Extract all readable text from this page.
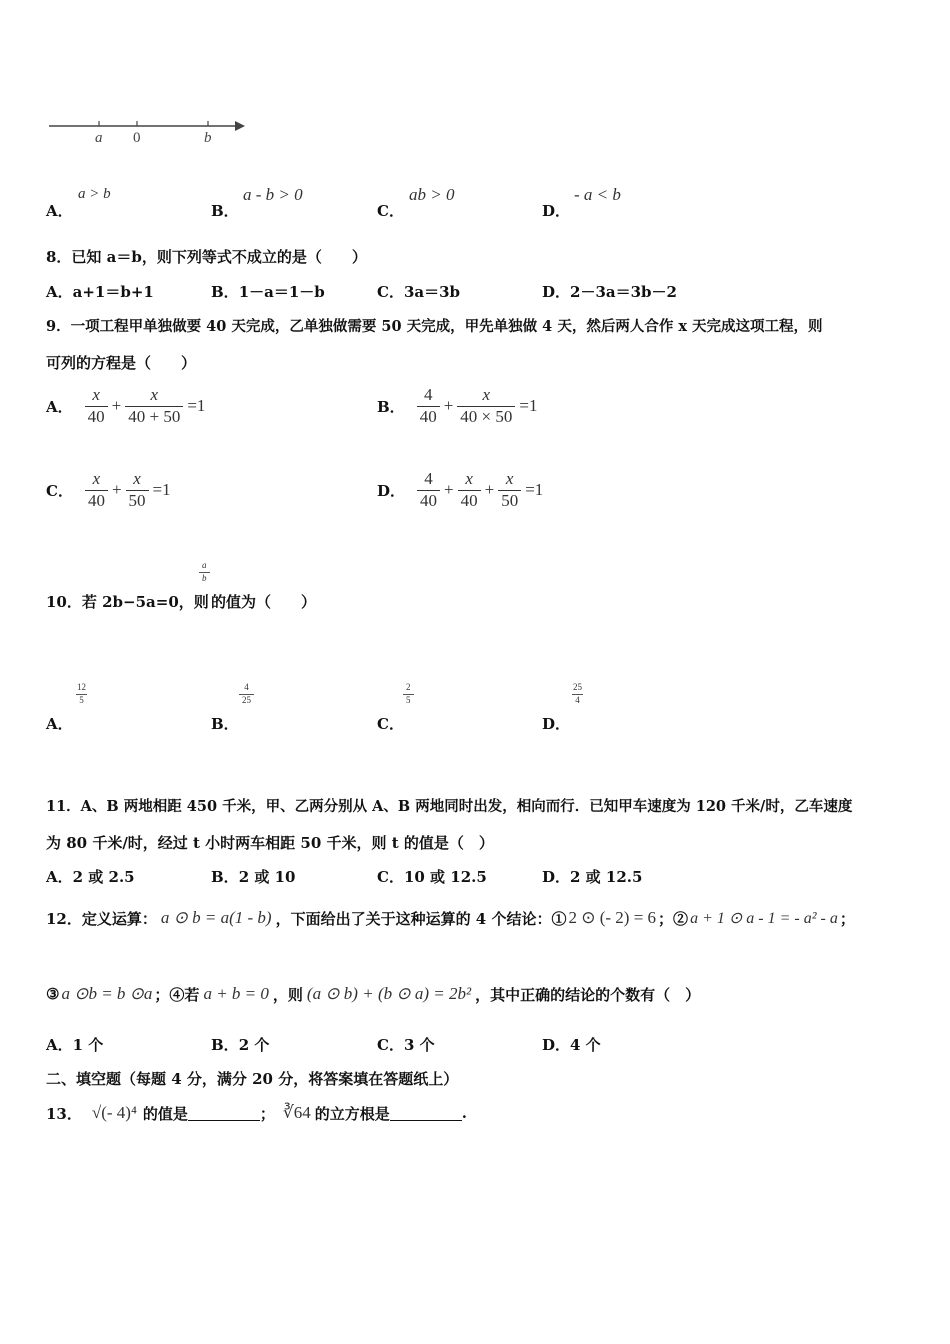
a 0	b
A．
a > b
B．
a - b > 0
C．
ab > 0
D．
- a < b
8．已知 a＝b，则下列等式不成立的是（　　）
A．a+1＝b+1	B．1－a＝1－b	C．3a＝3b	D．2－3a＝3b－2
9．一项工程甲单独做要 40 天完成，乙单独做需要 50 天完成，甲先单独做 4 天，然后两人合作 x 天完成这项工程，则
可列的方程是（　　）
A． $\frac{x}{40} + \frac{x}{40 + 50} =1$	B． $\frac{4}{40} + \frac{x}{40 \times 50} =1$
C． $\frac{x}{40} + \frac{x}{50} =1$	D． $\frac{4}{40} + \frac{x}{40} + \frac{x}{50} =1$
10．若 2b−5a=0，则
$\frac{a}{b}$
的值为（　　）
A．
$\frac{12}{5}$
B．
$\frac{4}{25}$
C．
$\frac{2}{5}$
D．
$\frac{25}{4}$
11．A、B 两地相距 450 千米，甲、乙两分别从 A、B 两地同时出发，相向而行．已知甲车速度为 120 千米/时，乙车速度
为 80 千米/时，经过 t 小时两车相距 50 千米，则 t 的值是（　）
A．2 或 2.5	B．2 或 10	C．10 或 12.5	D．2 或 12.5
12．定义运算： a ⊙ b = a(1 - b) ，下面给出了关于这种运算的 4 个结论：① 2 ⊙ (- 2) = 6 ；② a + 1 ⊙ a - 1 = - a² - a ；
③ a ⊙b = b ⊙a ；④若 a + b = 0 ，则 (a ⊙ b) + (b ⊙ a) = 2b² ，其中正确的结论的个数有（　）
A．1 个	B．2 个	C．3 个	D．4 个
二、填空题（每题 4 分，满分 20 分，将答案填在答题纸上）
13． √(- 4)⁴ 的值是	； ∛64 的立方根是	.
